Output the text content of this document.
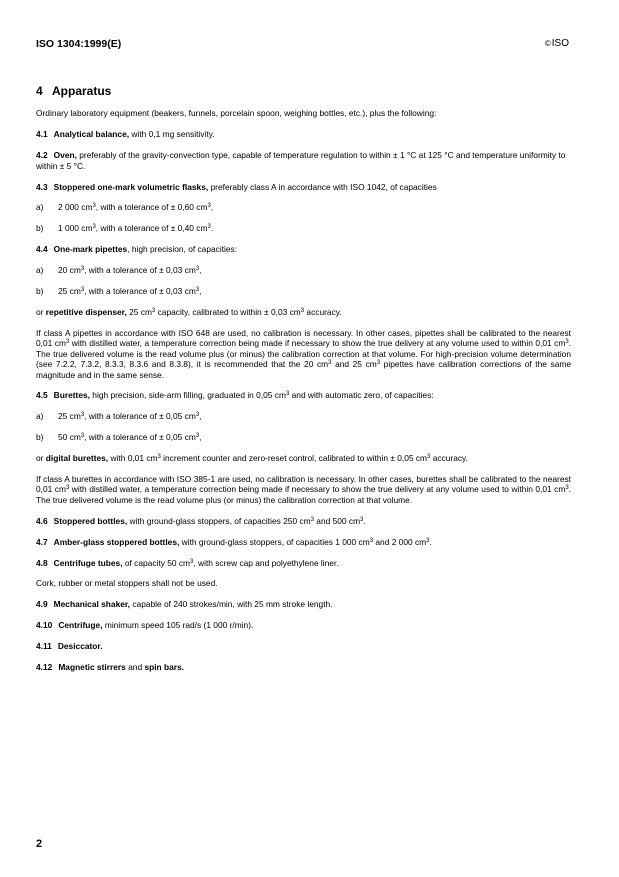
ISO 1304:1999(E)	©ISO
4 Apparatus

Ordinary laboratory equipment (beakers, funnels, porcelain spoon, weighing bottles, etc.), plus the following:

4.1 Analytical balance, with 0,1 mg sensitivity.

4.2 Oven, preferably of the gravity-convection type, capable of temperature regulation to within ± 1 °C at 125 °C and temperature uniformity to within ± 5 °C.

4.3 Stoppered one-mark volumetric flasks, preferably class A in accordance with ISO 1042, of capacities

a) 2 000 $cm^3$, with a tolerance of ± 0,60 $cm^3$,

b) 1 000 $cm^3$, with a tolerance of ± 0,40 $cm^3$.

4.4 One-mark pipettes, high precision, of capacities:

a) 20 $cm^3$, with a tolerance of ± 0,03 $cm^3$,

b) 25 $cm^3$, with a tolerance of ± 0,03 $cm^3$,

or repetitive dispenser, 25 $cm^3$ capacity, calibrated to within ± 0,03 $cm^3$ accuracy.

If class A pipettes in accordance with ISO 648 are used, no calibration is necessary. In other cases, pipettes shall be calibrated to the nearest 0,01 $cm^3$ with distilled water, a temperature correction being made if necessary to show the true delivery at any volume used to within 0,01 $cm^3$. The true delivered volume is the read volume plus (or minus) the calibration correction at that volume. For high-precision volume determination (see 7.2.2, 7.3.2, 8.3.3, 8.3.6 and 8.3.8), it is recommended that the 20 $cm^3$ and 25 $cm^3$ pipettes have calibration corrections of the same magnitude and in the same sense.

4.5 Burettes, high precision, side-arm filling, graduated in 0,05 $cm^3$ and with automatic zero, of capacities:

a) 25 $cm^3$, with a tolerance of ± 0,05 $cm^3$,

b) 50 $cm^3$, with a tolerance of ± 0,05 $cm^3$,

or digital burettes, with 0,01 $cm^3$ increment counter and zero-reset control, calibrated to within ± 0,05 $cm^3$ accuracy.

If class A burettes in accordance with ISO 385-1 are used, no calibration is necessary. In other cases, burettes shall be calibrated to the nearest 0,01 $cm^3$ with distilled water, a temperature correction being made if necessary to show the true delivery at any volume used to within 0,01 $cm^3$. The true delivered volume is the read volume plus (or minus) the calibration correction at that volume.

4.6 Stoppered bottles, with ground-glass stoppers, of capacities 250 $cm^3$ and 500 $cm^3$.

4.7 Amber-glass stoppered bottles, with ground-glass stoppers, of capacities 1 000 $cm^3$ and 2 000 $cm^3$.

4.8 Centrifuge tubes, of capacity 50 $cm^3$, with screw cap and polyethylene liner.

Cork, rubber or metal stoppers shall not be used.

4.9 Mechanical shaker, capable of 240 strokes/min, with 25 mm stroke length.

4.10 Centrifuge, minimum speed 105 rad/s (1 000 r/min).

4.11 Desiccator.

4.12 Magnetic stirrers and spin bars.

2
